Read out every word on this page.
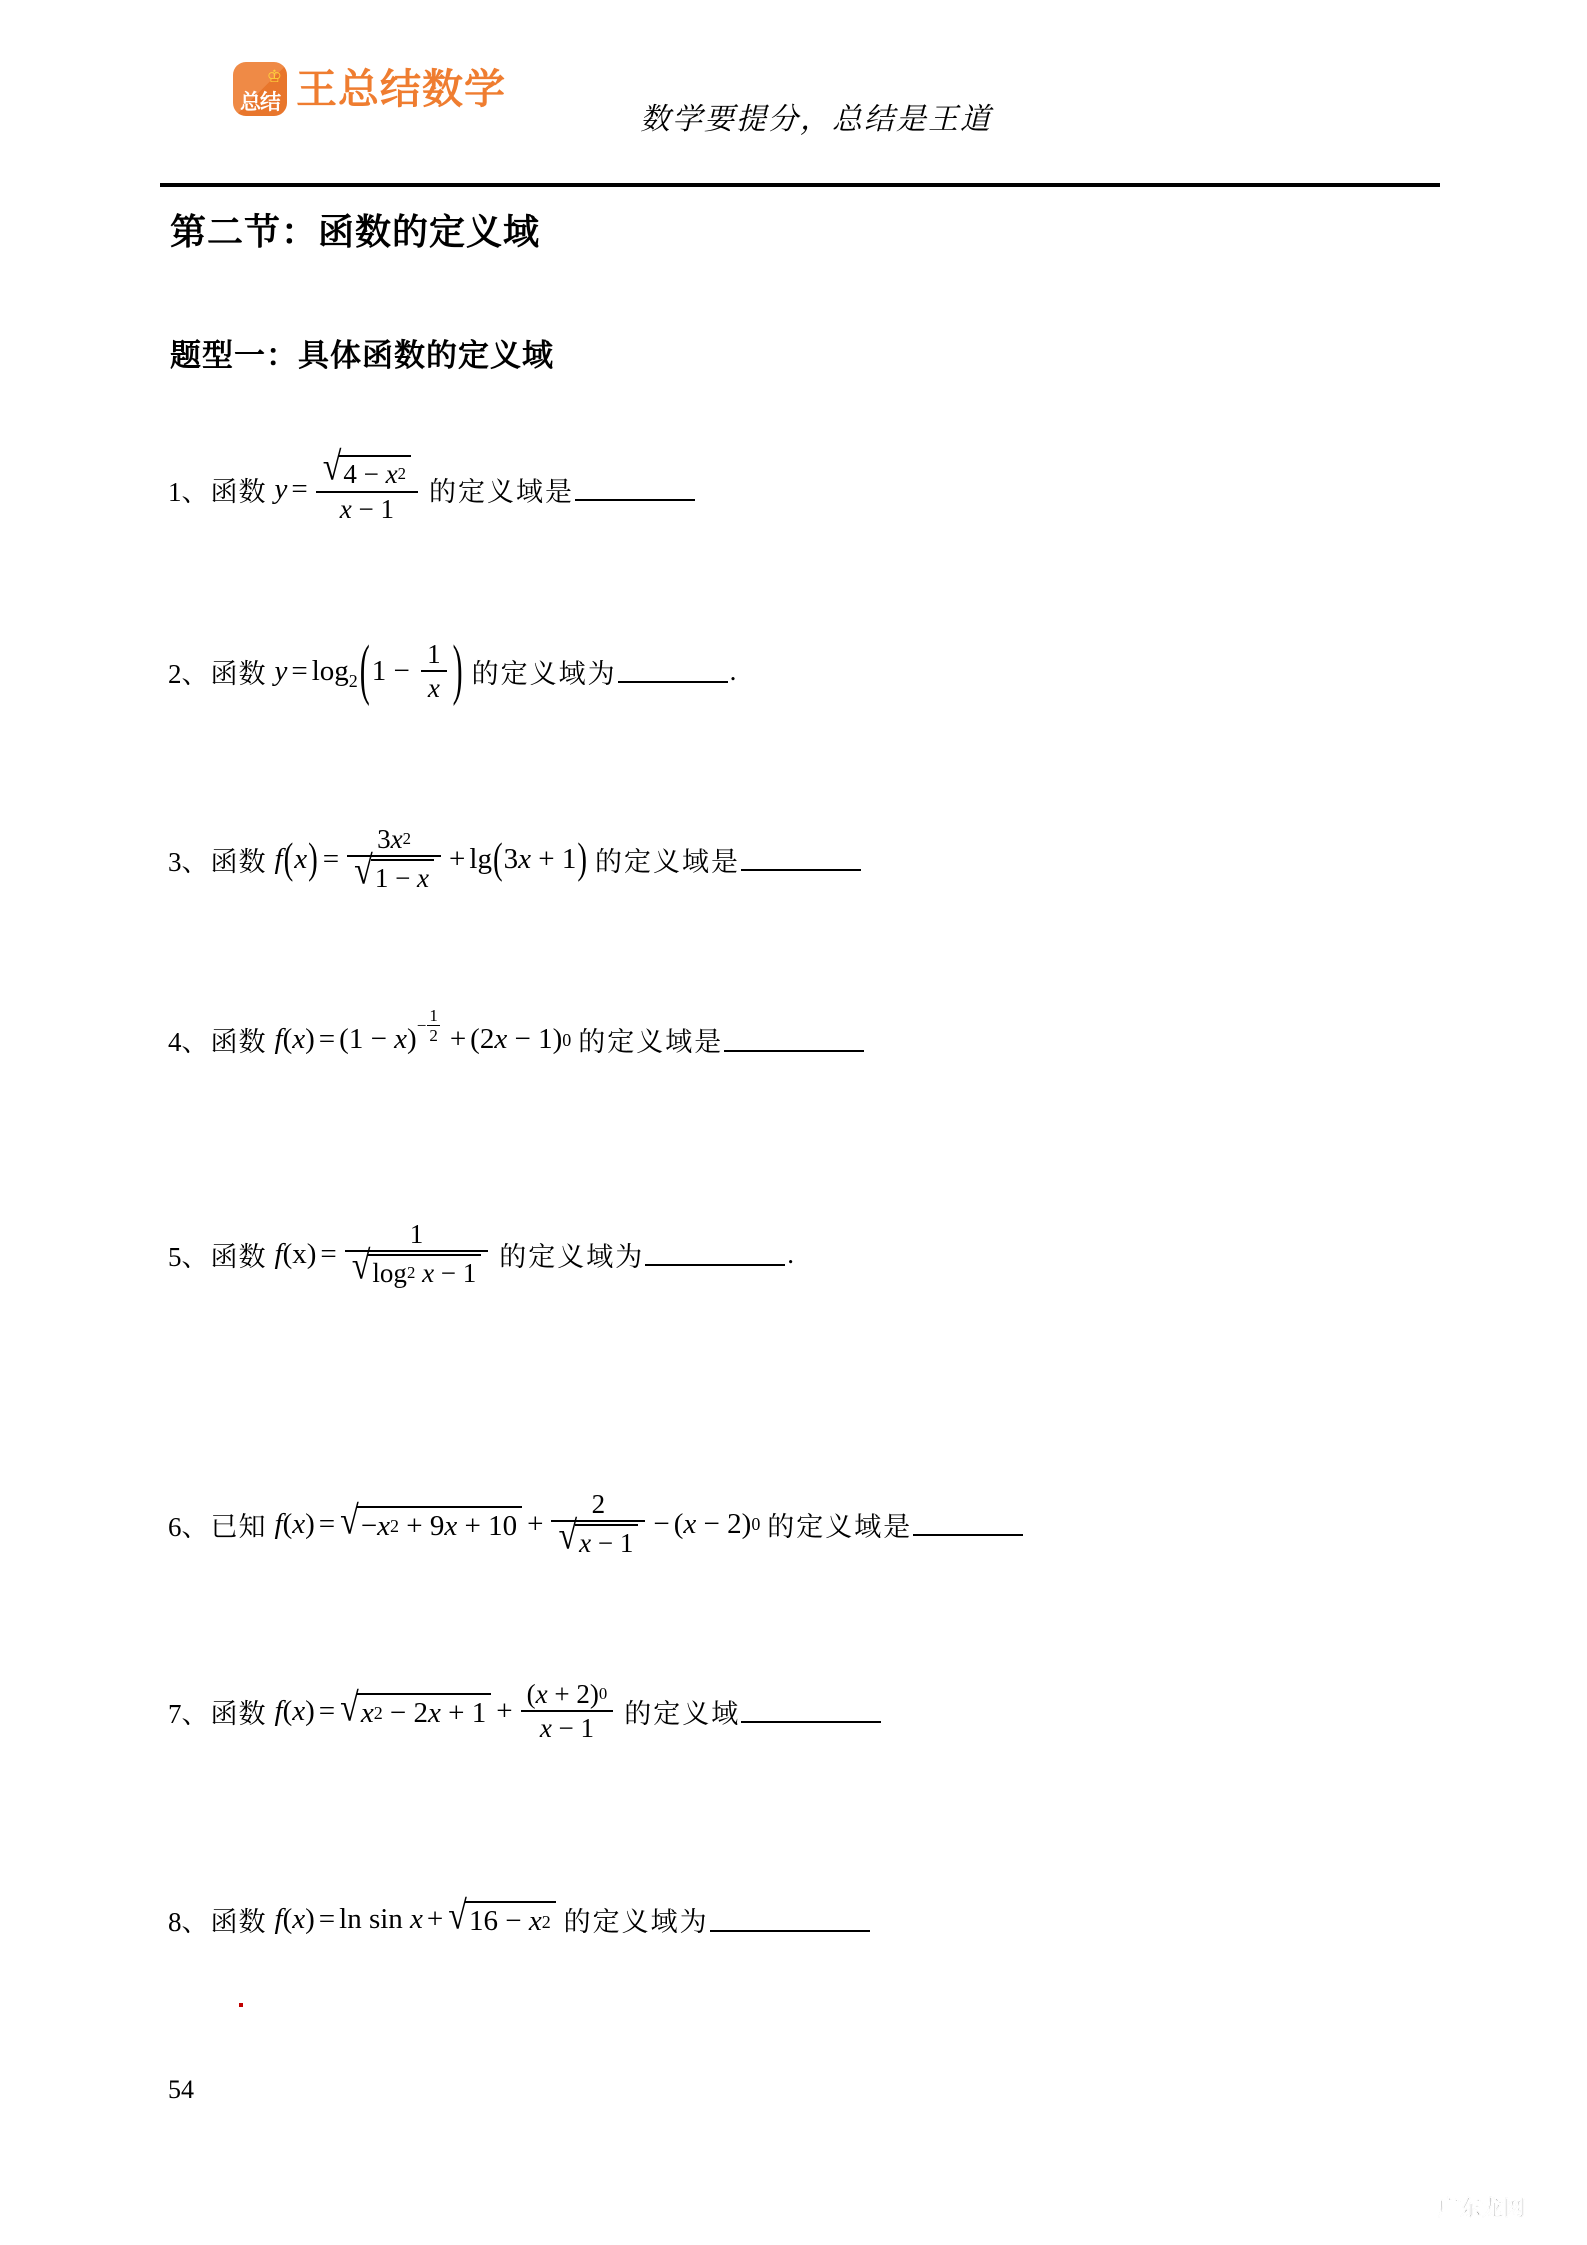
♔
总结 王总结数学
数学要提分，总结是王道
第二节：函数的定义域
题型一：具体函数的定义域
1、 函数 $y = \frac{√ 4 - x 2}{x - 1}$ 的定义域是
2、 函数 $y = \log_2$ ( $1 - \frac{1}{x}$ ) 的定义域为	.
3、 函数 f $(x) = \frac{3 x 2}{√ 1 - x} + \lg (3x + 1)$ 的定义域是
4、 函数 f ( x ) = ( 1 − x ) − 1
2 + ( 2 x − 1 ) 0 的定义域是
5、 函数 f (x) = 1
√ log 2
x − 1 的定义域为	.
6、 已知 f ( x ) = √ − x 2 + 9 $x + 10 + \frac{2}{√ x - 1}$ − ( x − 2 ) 0 的定义域是
7、 函数 f ( x ) = √ x 2 − 2 $x + 1 + \frac{( x + 2 ) 0}{x - 1}$ 的定义域
8、 函数 f ( x ) = ln sin
x + √ 16 − x 2 的定义域为
54
广东龙网
